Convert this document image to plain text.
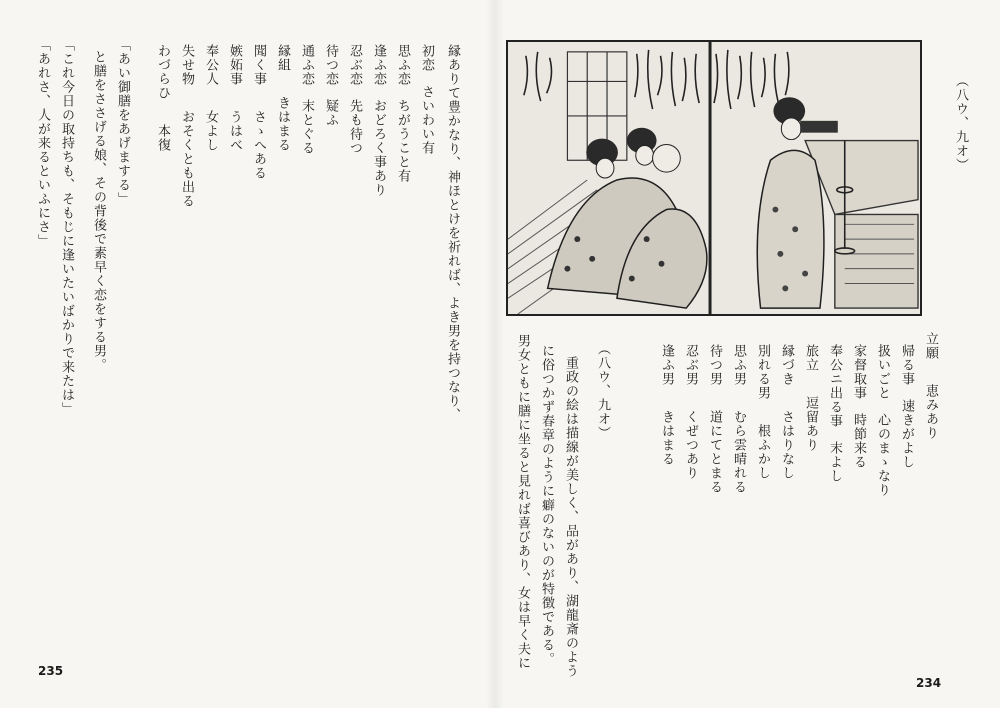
（八ウ、九オ）
立願恵みあり
帰る事速きがよし
扱いごと心のまゝなり
家督取事時節来る
奉公ニ出る事末よし
旅立逗留あり
縁づきさはりなし
別れる男根ふかし
思ふ男むら雲晴れる
待つ男道にてとまる
忍ぶ男くぜつあり
逢ふ男きはまる
（八ウ、九オ）
重政の絵は描線が美しく、品があり、湖龍斎のよう
に俗つかず春章のように癖のないのが特徴である。
男女ともに膳に坐ると見れば喜びあり、女は早く夫に
234
縁ありて豊かなり、神ほとけを祈れば、よき男を持つなり、
初恋さいわい有
思ふ恋ちがうこと有
逢ふ恋おどろく事あり
忍ぶ恋先も待つ
待つ恋疑ふ
通ふ恋末とぐる
縁組きはまる
聞く事さゝへある
嫉妬事うはべ
奉公人女よし
失せ物おそくとも出る
わづらひ本復
「あい御膳をあげまする」
と膳をささげる娘、その背後で素早く恋をする男。
「これ今日の取持ちも、そもじに逢いたいばかりで来たは」
「あれさ、人が来るといふにさ」
235
